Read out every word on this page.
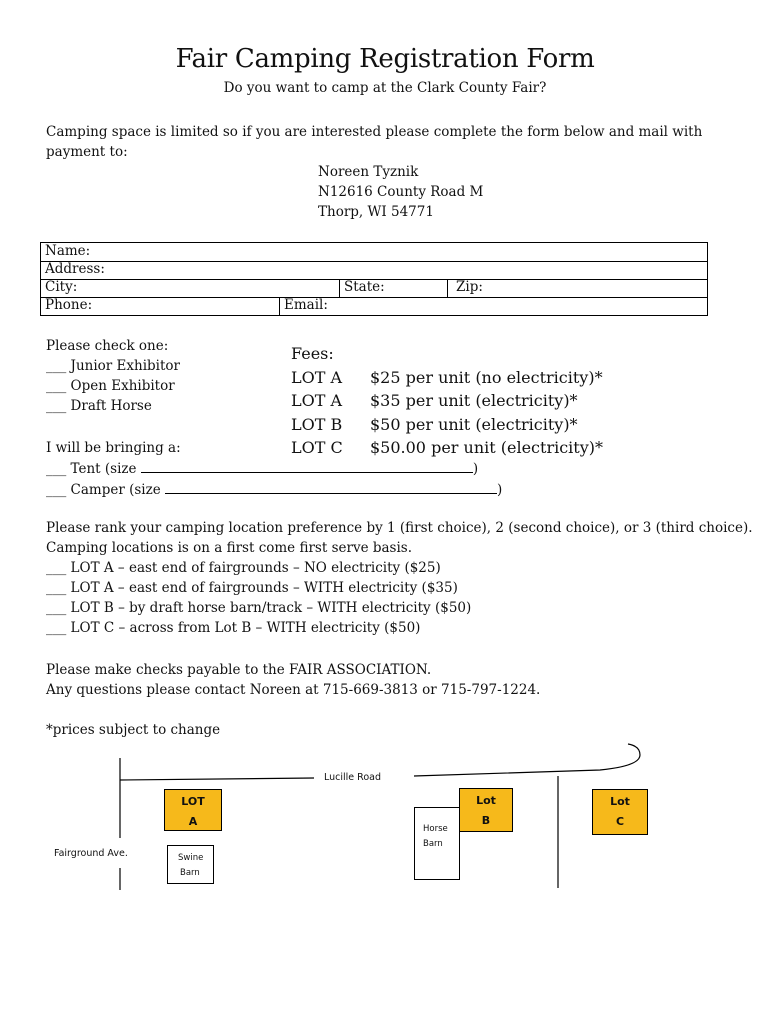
Fair Camping Registration Form
Do you want to camp at the Clark County Fair?
Camping space is limited so if you are interested please complete the form below and mail with payment to:
Noreen Tyznik
N12616 County Road M
Thorp, WI 54771
Name:
Address:
City:	State:	Zip:
Phone:	Email:
Please check one:
___ Junior Exhibitor
___ Open Exhibitor
___ Draft Horse
I will be bringing a:
___ Tent (size	)
___ Camper (size	)
Fees:
LOT A $25 per unit (no electricity)*
LOT A $35 per unit (electricity)*
LOT B $50 per unit (electricity)*
LOT C $50.00 per unit (electricity)*
Please rank your camping location preference by 1 (first choice), 2 (second choice), or 3 (third choice).
Camping locations is on a first come first serve basis.
___ LOT A – east end of fairgrounds – NO electricity ($25)
___ LOT A – east end of fairgrounds – WITH electricity ($35)
___ LOT B – by draft horse barn/track – WITH electricity ($50)
___ LOT C – across from Lot B – WITH electricity ($50)
Please make checks payable to the FAIR ASSOCIATION.
Any questions please contact Noreen at 715-669-3813 or 715-797-1224.
*prices subject to change
Lucille Road
Fairground Ave.
LOT
A
Lot
B
Lot
C
Swine
Barn
Horse
Barn
